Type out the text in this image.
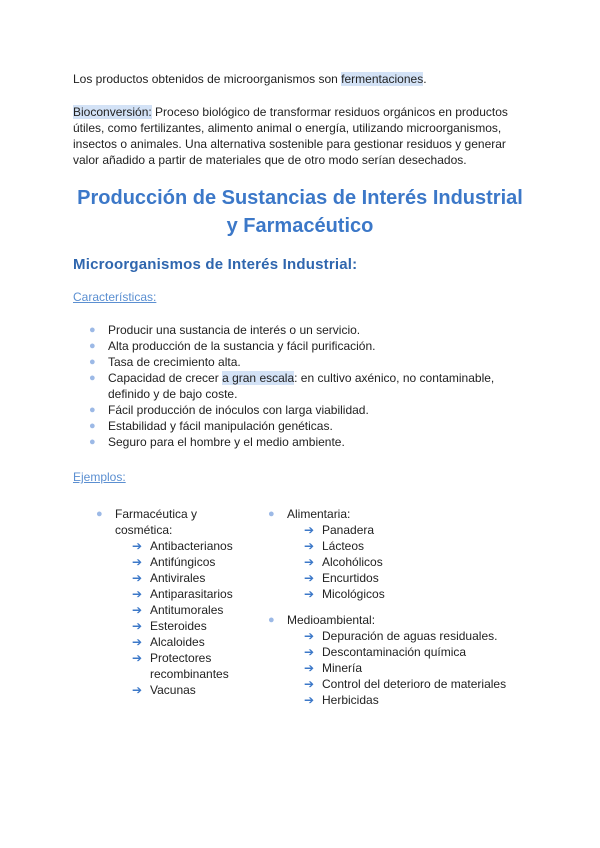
Los productos obtenidos de microorganismos son fermentaciones.
Bioconversión: Proceso biológico de transformar residuos orgánicos en productos útiles, como fertilizantes, alimento animal o energía, utilizando microorganismos, insectos o animales. Una alternativa sostenible para gestionar residuos y generar valor añadido a partir de materiales que de otro modo serían desechados.
Producción de Sustancias de Interés Industrial
y Farmacéutico
Microorganismos de Interés Industrial:
Características:
● Producir una sustancia de interés o un servicio.
● Alta producción de la sustancia y fácil purificación.
● Tasa de crecimiento alta.
● Capacidad de crecer a gran escala: en cultivo axénico, no contaminable, definido y de bajo coste.
● Fácil producción de inóculos con larga viabilidad.
● Estabilidad y fácil manipulación genéticas.
● Seguro para el hombre y el medio ambiente.
Ejemplos:
● Farmacéutica y cosmética:
➔ Antibacterianos
➔ Antifúngicos
➔ Antivirales
➔ Antiparasitarios
➔ Antitumorales
➔ Esteroides
➔ Alcaloides
➔ Protectores recombinantes
➔ Vacunas
● Alimentaria:
➔ Panadera
➔ Lácteos
➔ Alcohólicos
➔ Encurtidos
➔ Micológicos
● Medioambiental:
➔ Depuración de aguas residuales.
➔ Descontaminación química
➔ Minería
➔ Control del deterioro de materiales
➔ Herbicidas
